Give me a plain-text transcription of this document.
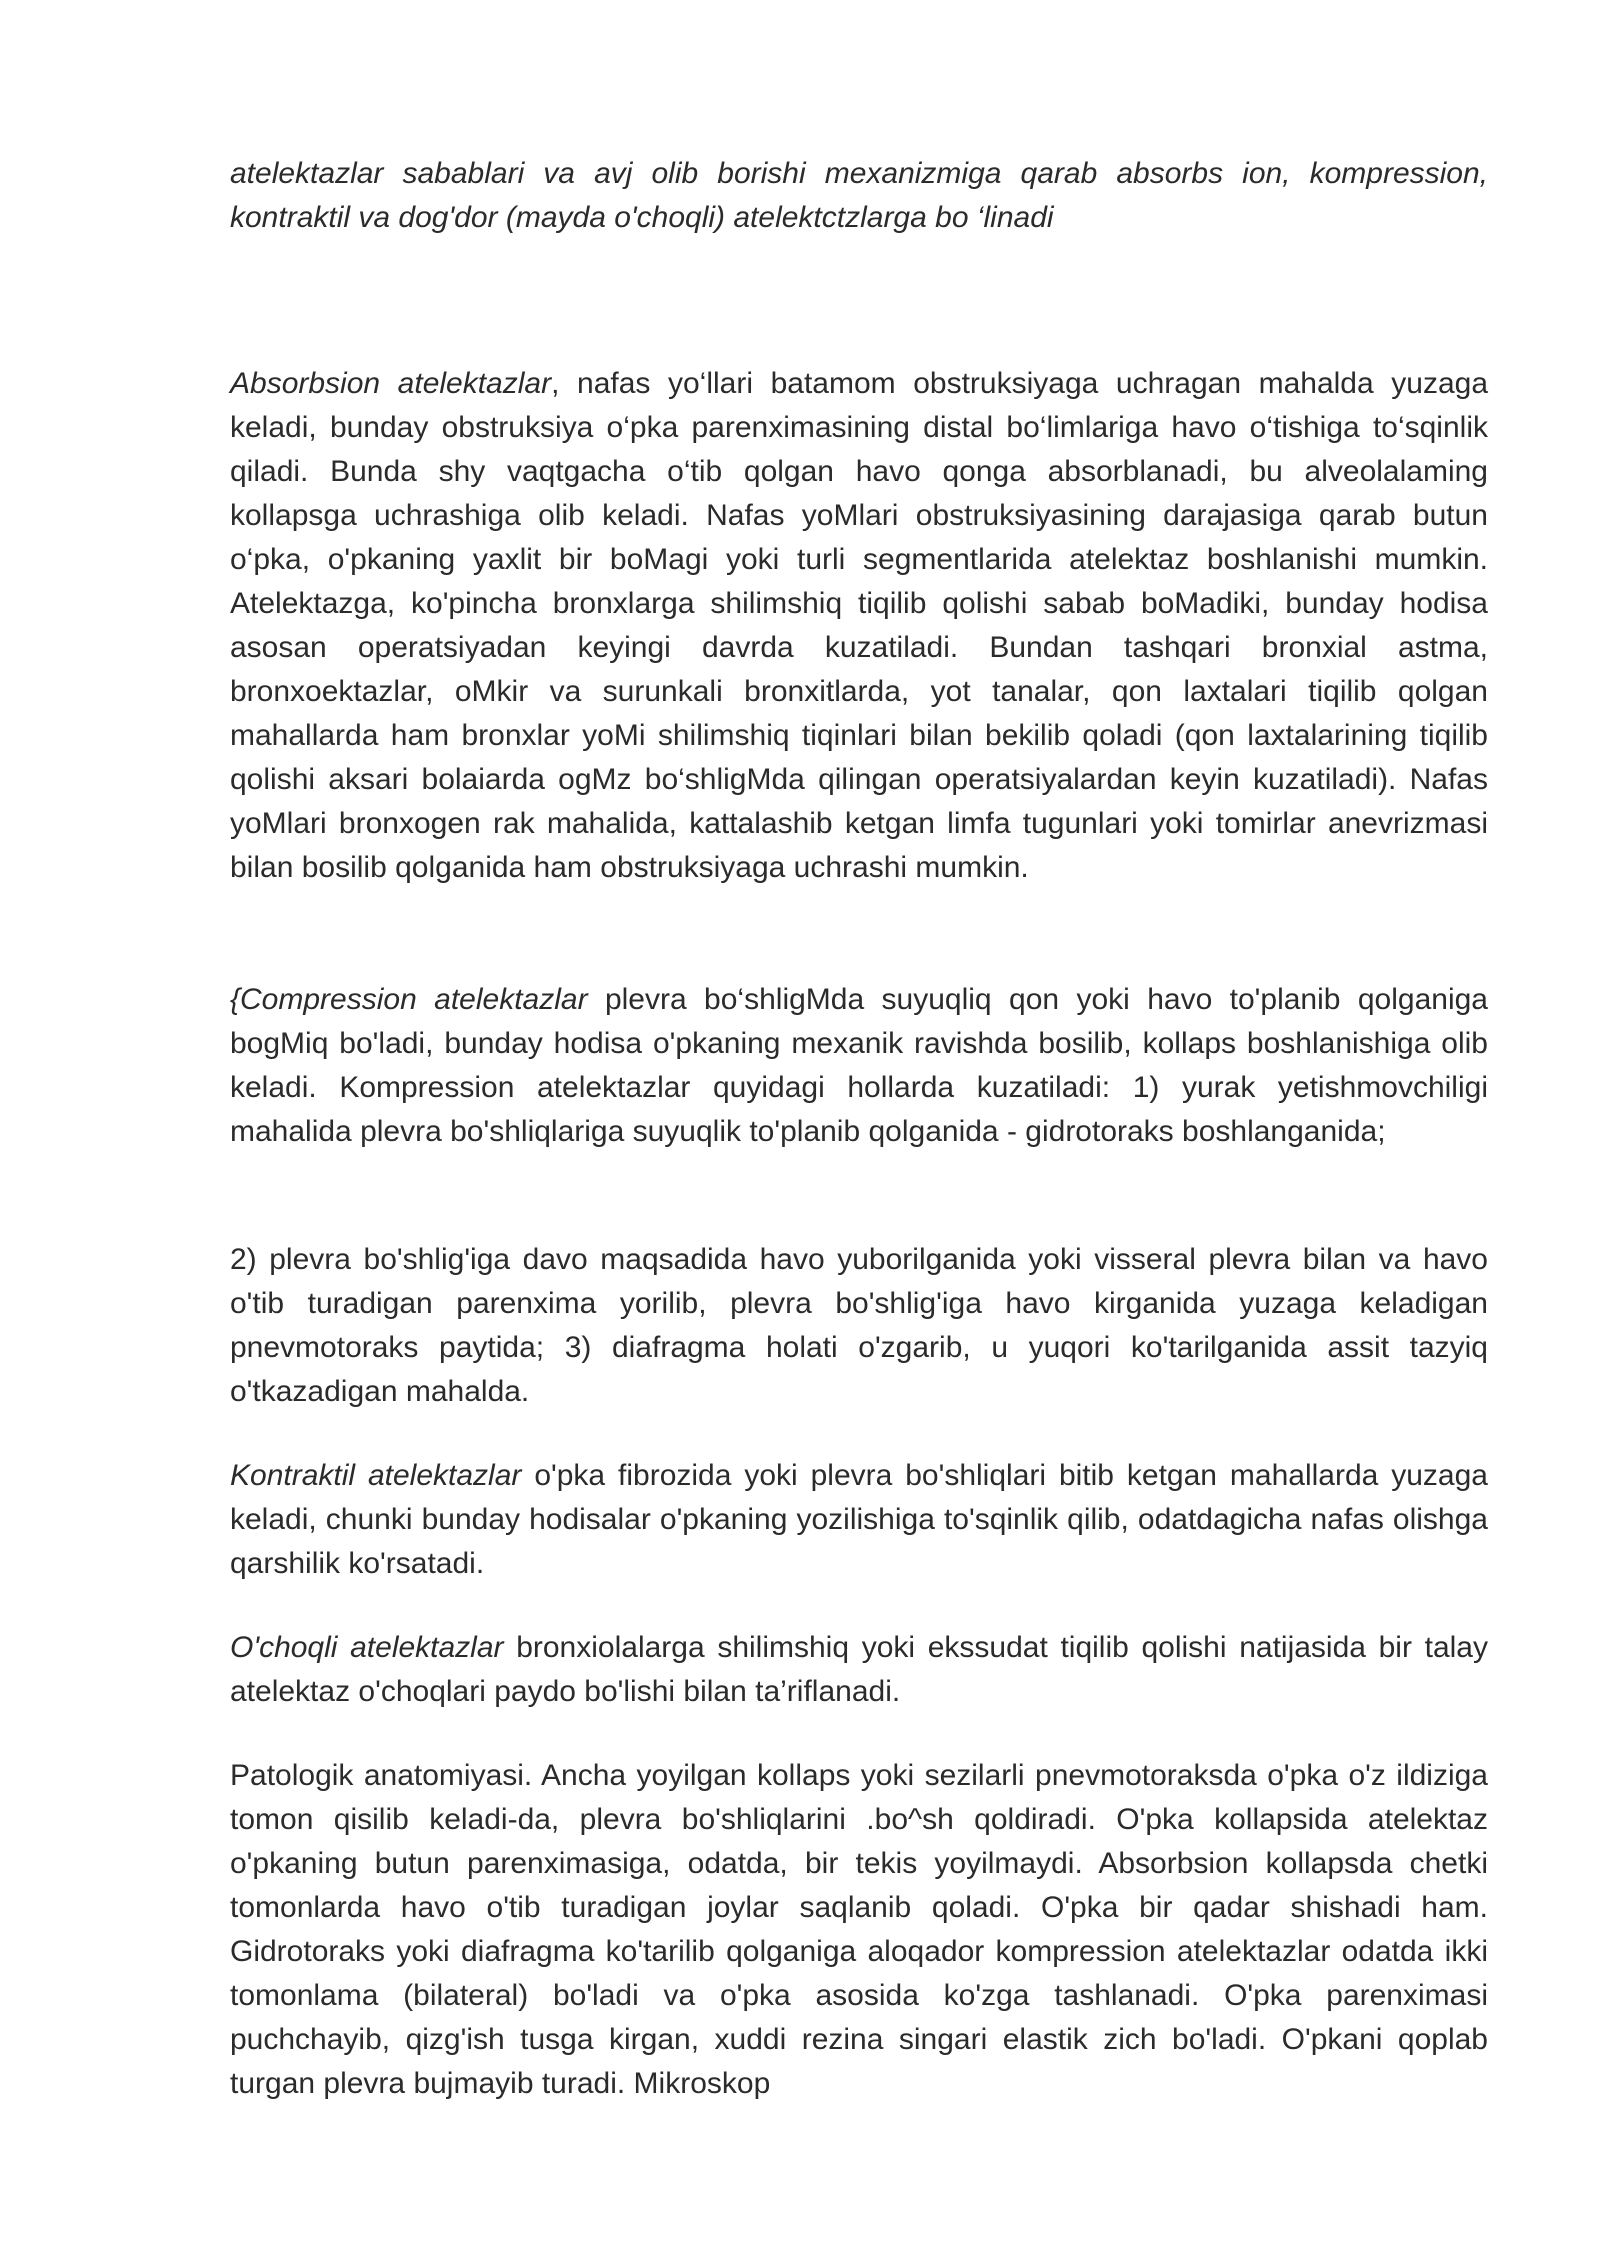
atelektazlar sabablari va avj olib borishi mexanizmiga qarab absorbs ion, kompression, kontraktil va dog'dor (mayda o'choqli) atelektctzlarga bo ‘linadi

Absorbsion atelektazlar, nafas yo‘llari batamom obstruksiyaga uchragan mahalda yuzaga keladi, bunday obstruksiya o‘pka parenximasining distal bo‘limlariga havo o‘tishiga to‘sqinlik qiladi. Bunda shy vaqtgacha o‘tib qolgan havo qonga absorblanadi, bu alveolalaming kollapsga uchrashiga olib keladi. Nafas yoMlari obstruksiyasining darajasiga qarab butun o‘pka, o'pkaning yaxlit bir boMagi yoki turli segmentlarida atelektaz boshlanishi mumkin. Atelektazga, ko'pincha bronxlarga shilimshiq tiqilib qolishi sabab boMadiki, bunday hodisa asosan operatsiyadan keyingi davrda kuzatiladi. Bundan tashqari bronxial astma, bronxoektazlar, oMkir va surunkali bronxitlarda, yot tanalar, qon laxtalari tiqilib qolgan mahallarda ham bronxlar yoMi shilimshiq tiqinlari bilan bekilib qoladi (qon laxtalarining tiqilib qolishi aksari bolaiarda ogMz bo‘shligMda qilingan operatsiyalardan keyin kuzatiladi). Nafas yoMlari bronxogen rak mahalida, kattalashib ketgan limfa tugunlari yoki tomirlar anevrizmasi bilan bosilib qolganida ham obstruksiyaga uchrashi mumkin.

{Compression atelektazlar plevra bo‘shligMda suyuqliq qon yoki havo to'planib qolganiga bogMiq bo'ladi, bunday hodisa o'pkaning mexanik ravishda bosilib, kollaps boshlanishiga olib keladi. Kompression atelektazlar quyidagi hollarda kuzatiladi: 1) yurak yetishmovchiligi mahalida plevra bo'shliqlariga suyuqlik to'planib qolganida - gidrotoraks boshlanganida;

2) plevra bo'shlig'iga davo maqsadida havo yuborilganida yoki visseral plevra bilan va havo o'tib turadigan parenxima yorilib, plevra bo'shlig'iga havo kirganida yuzaga keladigan pnevmotoraks paytida; 3) diafragma holati o'zgarib, u yuqori ko'tarilganida assit tazyiq o'tkazadigan mahalda.

Kontraktil atelektazlar o'pka fibrozida yoki plevra bo'shliqlari bitib ketgan mahallarda yuzaga keladi, chunki bunday hodisalar o'pkaning yozilishiga to'sqinlik qilib, odatdagicha nafas olishga qarshilik ko'rsatadi.

O'choqli atelektazlar bronxiolalarga shilimshiq yoki ekssudat tiqilib qolishi natijasida bir talay atelektaz o'choqlari paydo bo'lishi bilan ta’riflanadi.

Patologik anatomiyasi. Ancha yoyilgan kollaps yoki sezilarli pnevmotoraksda o'pka o'z ildiziga tomon qisilib keladi-da, plevra bo'shliqlarini .bo^sh qoldiradi. O'pka kollapsida atelektaz o'pkaning butun parenximasiga, odatda, bir tekis yoyilmaydi. Absorbsion kollapsda chetki tomonlarda havo o'tib turadigan joylar saqlanib qoladi. O'pka bir qadar shishadi ham. Gidrotoraks yoki diafragma ko'tarilib qolganiga aloqador kompression atelektazlar odatda ikki tomonlama (bilateral) bo'ladi va o'pka asosida ko'zga tashlanadi. O'pka parenximasi puchchayib, qizg'ish tusga kirgan, xuddi rezina singari elastik zich bo'ladi. O'pkani qoplab turgan plevra bujmayib turadi. Mikroskop
